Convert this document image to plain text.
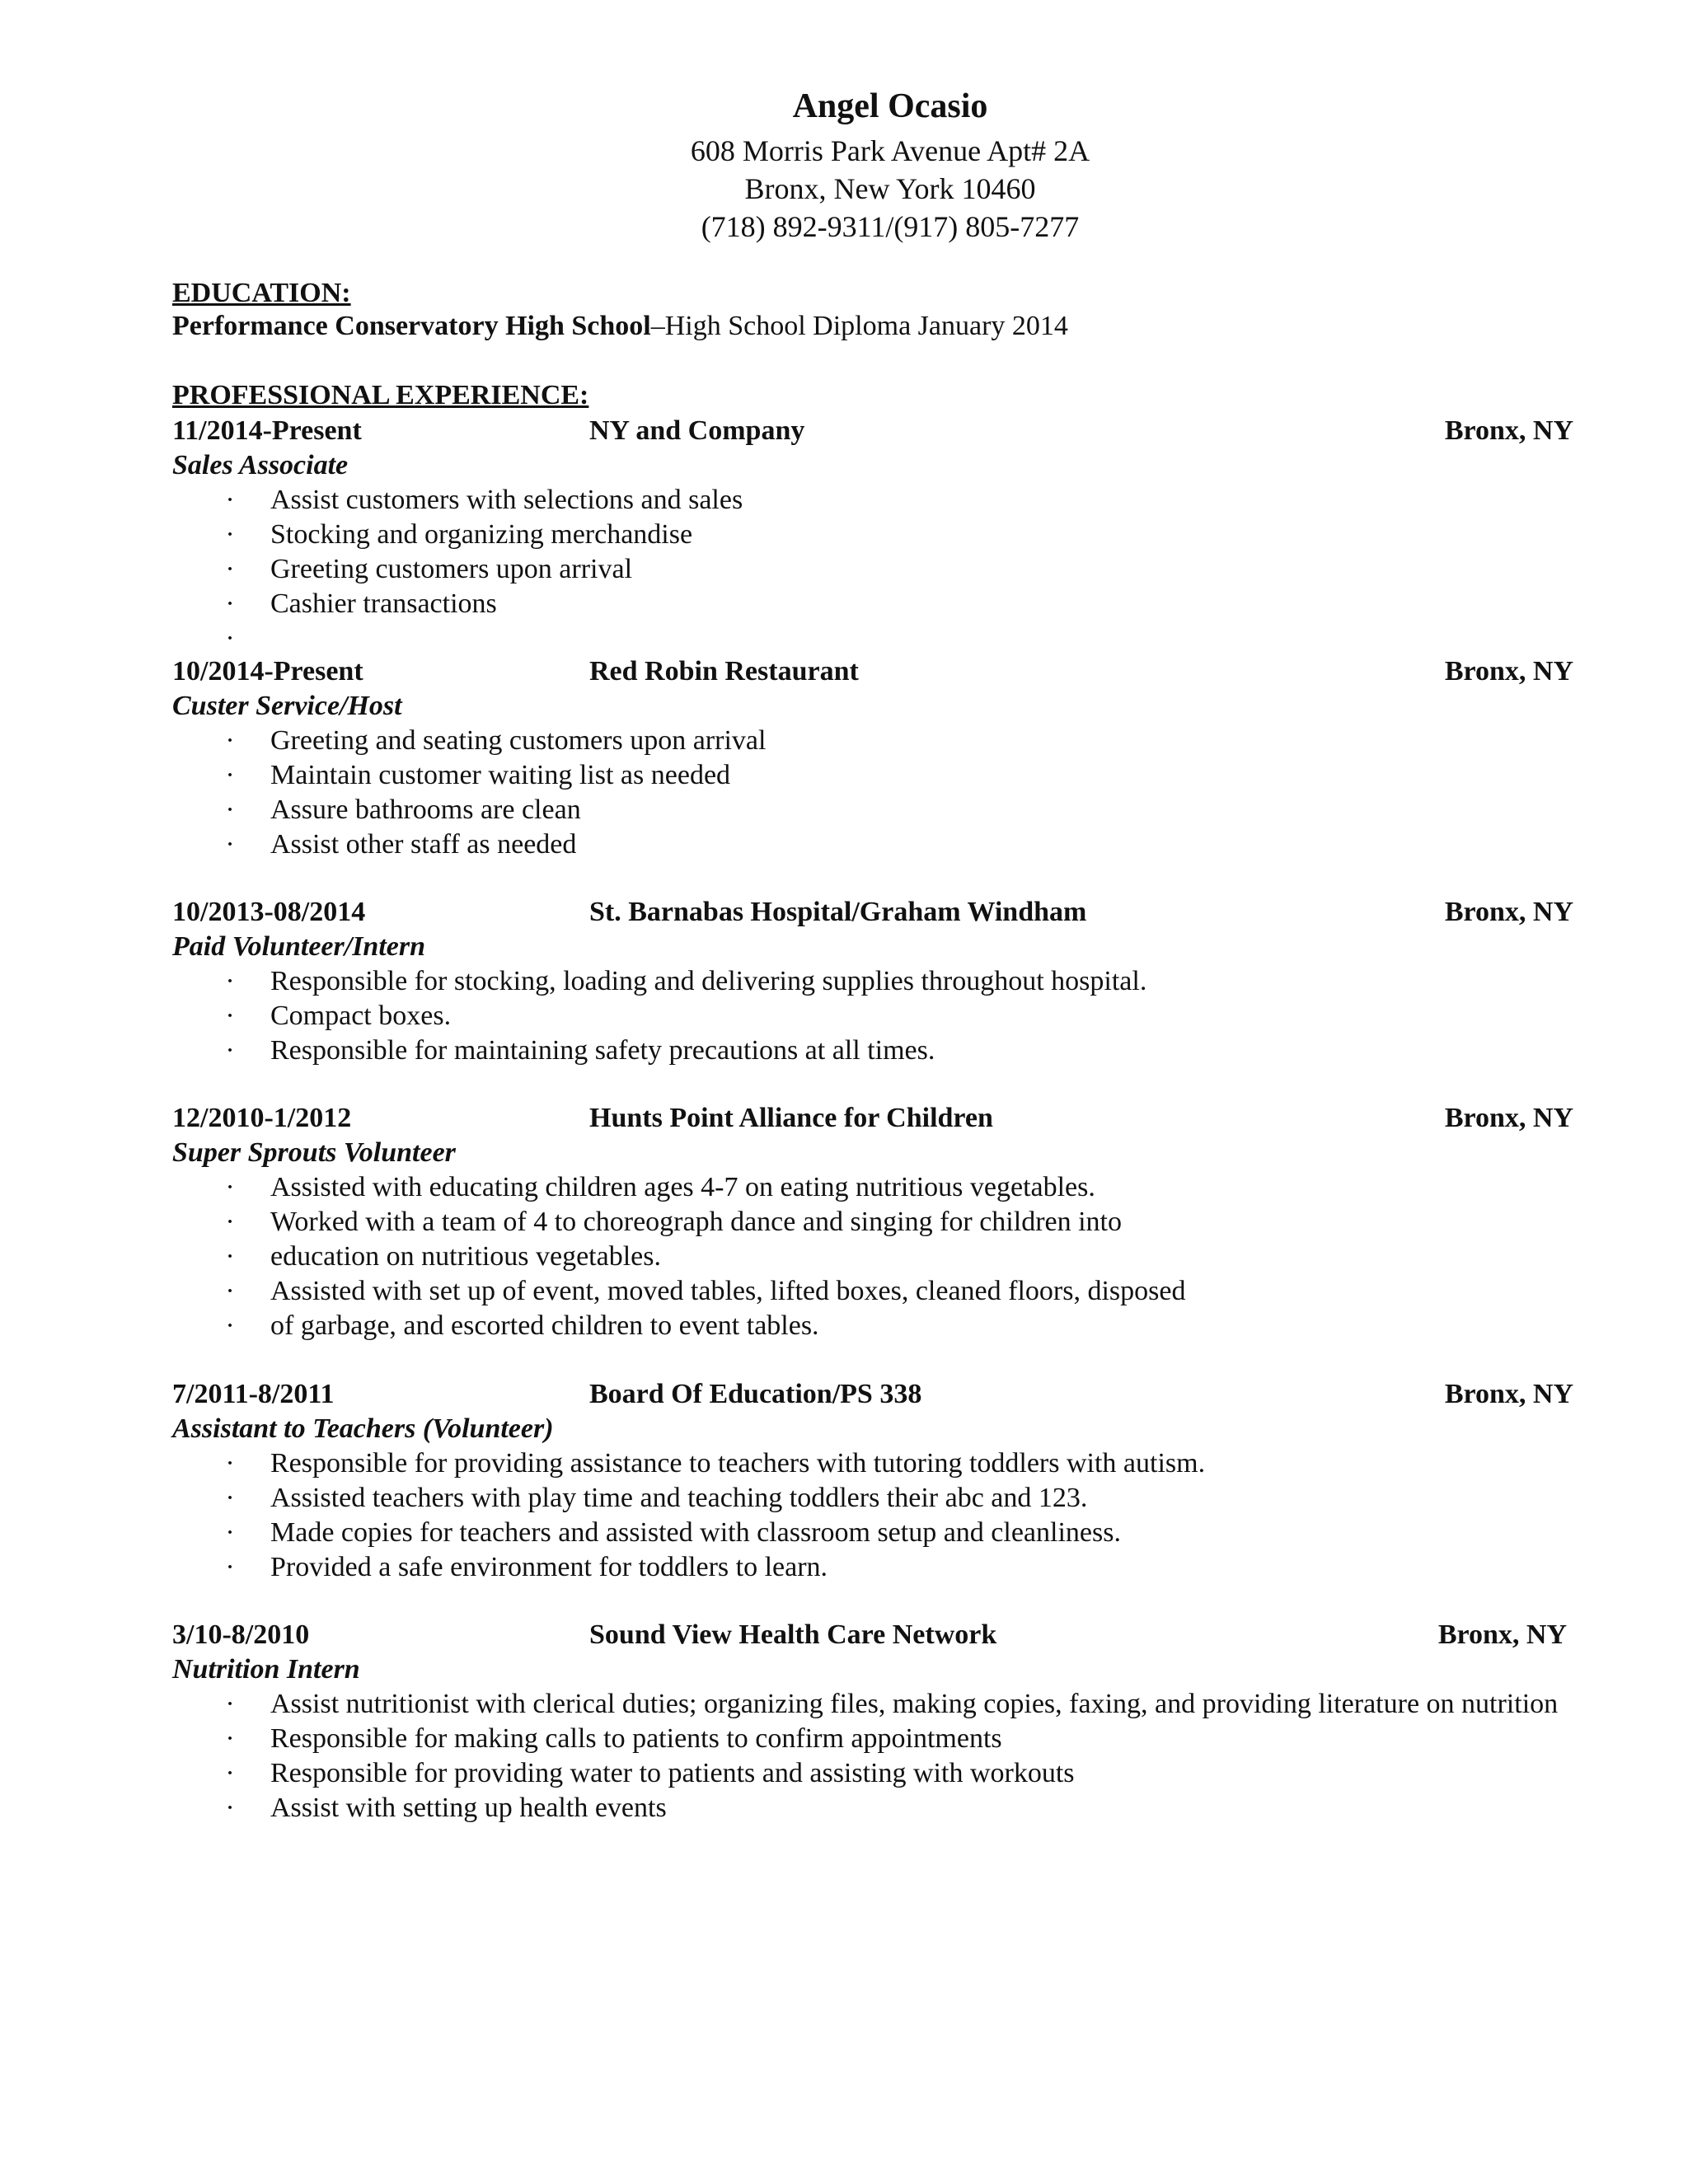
Angel Ocasio
608 Morris Park Avenue Apt# 2A
Bronx, New York 10460
(718) 892-9311/(917) 805-7277
EDUCATION:
Performance Conservatory High School–High School Diploma January 2014
PROFESSIONAL EXPERIENCE:
11/2014-Present	NY and Company	Bronx, NY
Sales Associate
· Assist customers with selections and sales
· Stocking and organizing merchandise
· Greeting customers upon arrival
· Cashier transactions
·
10/2014-Present	Red Robin Restaurant	Bronx, NY
Custer Service/Host
· Greeting and seating customers upon arrival
· Maintain customer waiting list as needed
· Assure bathrooms are clean
· Assist other staff as needed
10/2013-08/2014	St. Barnabas Hospital/Graham Windham	Bronx, NY
Paid Volunteer/Intern
· Responsible for stocking, loading and delivering supplies throughout hospital.
· Compact boxes.
· Responsible for maintaining safety precautions at all times.
12/2010-1/2012	Hunts Point Alliance for Children	Bronx, NY
Super Sprouts Volunteer
· Assisted with educating children ages 4-7 on eating nutritious vegetables.
· Worked with a team of 4 to choreograph dance and singing for children into
· education on nutritious vegetables.
· Assisted with set up of event, moved tables, lifted boxes, cleaned floors, disposed
· of garbage, and escorted children to event tables.
7/2011-8/2011	Board Of Education/PS 338	Bronx, NY
Assistant to Teachers (Volunteer)
· Responsible for providing assistance to teachers with tutoring toddlers with autism.
· Assisted teachers with play time and teaching toddlers their abc and 123.
· Made copies for teachers and assisted with classroom setup and cleanliness.
· Provided a safe environment for toddlers to learn.
3/10-8/2010	Sound View Health Care Network	Bronx, NY
Nutrition Intern
· Assist nutritionist with clerical duties; organizing files, making copies, faxing, and providing literature on nutrition
· Responsible for making calls to patients to confirm appointments
· Responsible for providing water to patients and assisting with workouts
· Assist with setting up health events
